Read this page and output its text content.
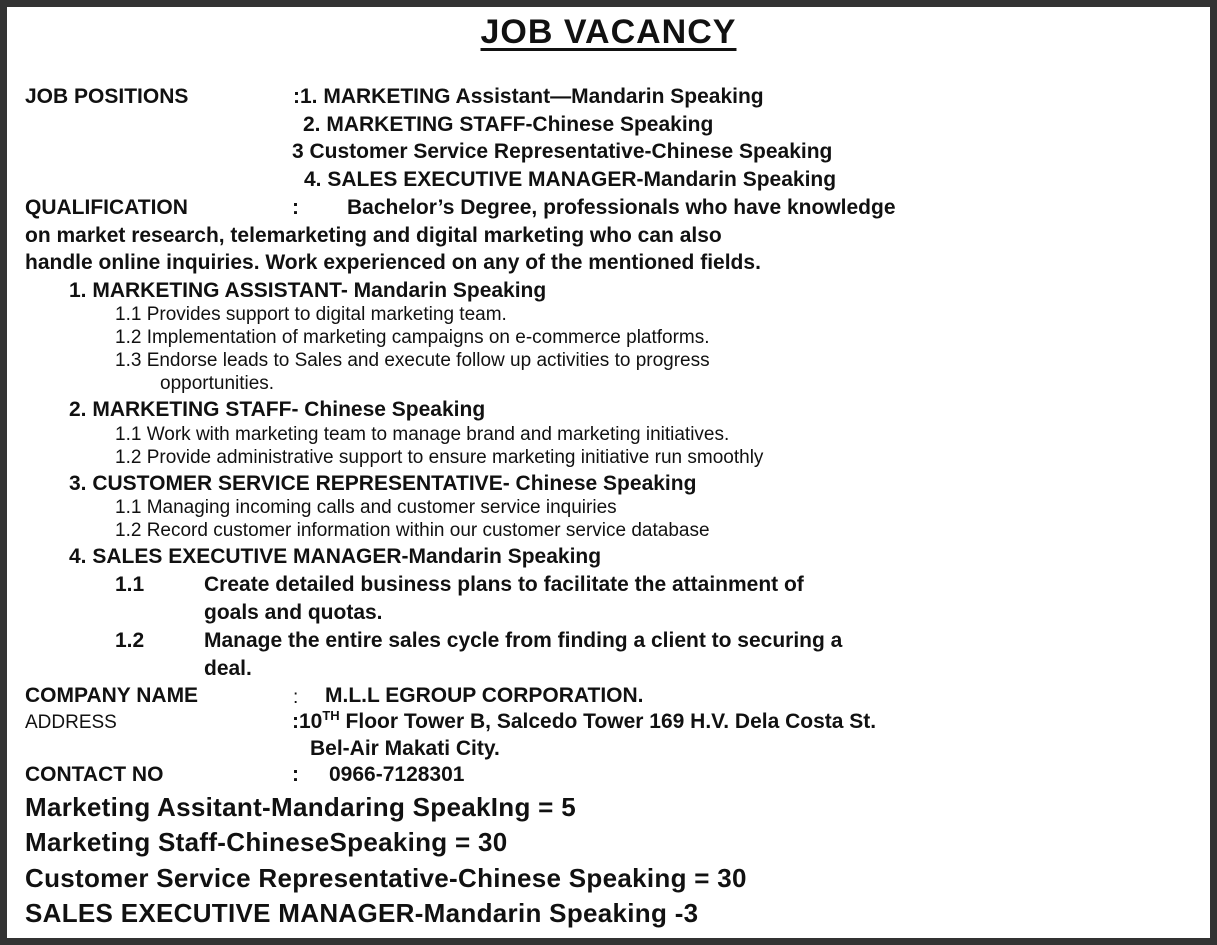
JOB VACANCY
JOB POSITIONS	:1. MARKETING Assistant—Mandarin Speaking
2. MARKETING STAFF-Chinese Speaking
3 Customer Service Representative-Chinese Speaking
4. SALES EXECUTIVE MANAGER-Mandarin Speaking
QUALIFICATION	: Bachelor’s Degree, professionals who have knowledge
on market research, telemarketing and digital marketing who can also
handle online inquiries. Work experienced on any of the mentioned fields.
1. MARKETING ASSISTANT- Mandarin Speaking
1.1 Provides support to digital marketing team.
1.2 Implementation of marketing campaigns on e-commerce platforms.
1.3 Endorse leads to Sales and execute follow up activities to progress
opportunities.
2. MARKETING STAFF- Chinese Speaking
1.1 Work with marketing team to manage brand and marketing initiatives.
1.2 Provide administrative support to ensure marketing initiative run smoothly
3. CUSTOMER SERVICE REPRESENTATIVE- Chinese Speaking
1.1 Managing incoming calls and customer service inquiries
1.2 Record customer information within our customer service database
4. SALES EXECUTIVE MANAGER-Mandarin Speaking
1.1	Create detailed business plans to facilitate the attainment of
goals and quotas.
1.2	Manage the entire sales cycle from finding a client to securing a
deal.
COMPANY NAME	: M.L.L EGROUP CORPORATION.
ADDRESS	:10TH Floor Tower B, Salcedo Tower 169 H.V. Dela Costa St.
Bel-Air Makati City.
CONTACT NO	: 0966-7128301
Marketing Assitant-Mandaring SpeakIng = 5
Marketing Staff-ChineseSpeaking = 30
Customer Service Representative-Chinese Speaking = 30
SALES EXECUTIVE MANAGER-Mandarin Speaking -3
